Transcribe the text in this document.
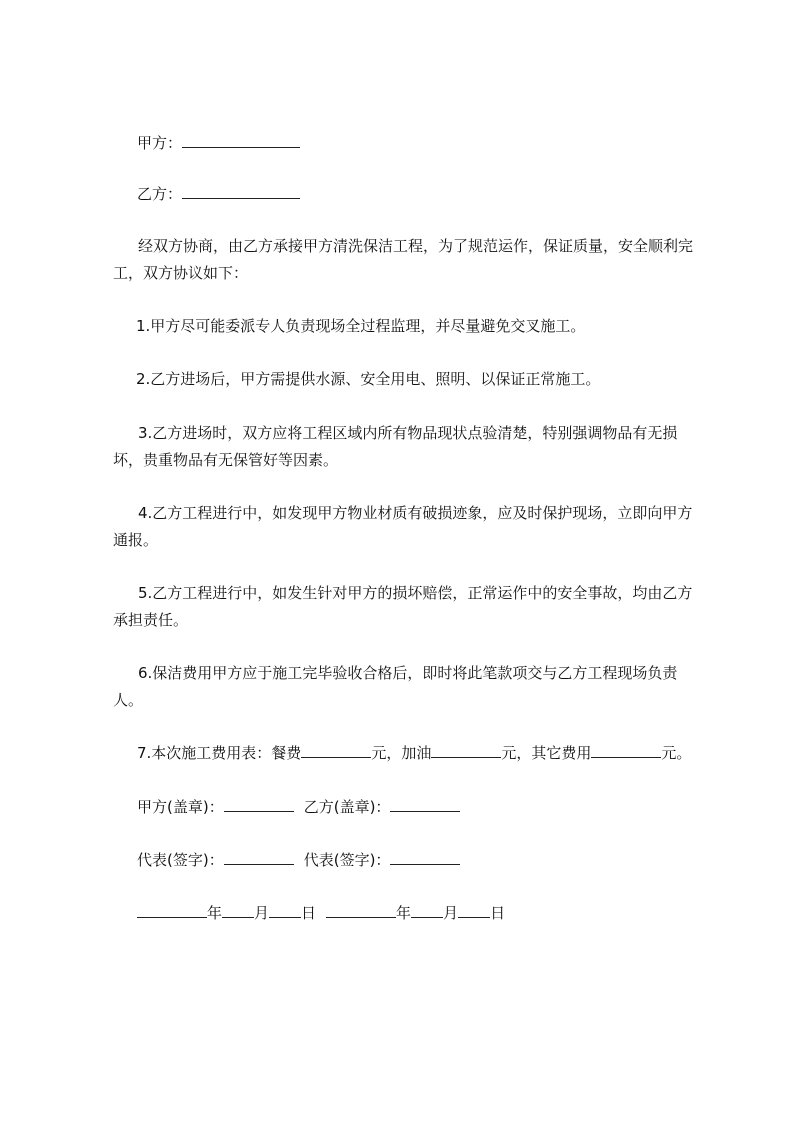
甲方：
乙方：
经双方协商，由乙方承接甲方清洗保洁工程，为了规范运作，保证质量，安全顺利完工，双方协议如下：
1.甲方尽可能委派专人负责现场全过程监理，并尽量避免交叉施工。
2.乙方进场后，甲方需提供水源、安全用电、照明、以保证正常施工。
3.乙方进场时，双方应将工程区域内所有物品现状点验清楚，特别强调物品有无损坏，贵重物品有无保管好等因素。
4.乙方工程进行中，如发现甲方物业材质有破损迹象，应及时保护现场，立即向甲方通报。
5.乙方工程进行中，如发生针对甲方的损坏赔偿，正常运作中的安全事故，均由乙方承担责任。
6.保洁费用甲方应于施工完毕验收合格后，即时将此笔款项交与乙方工程现场负责人。
7.本次施工费用表：餐费	元，加油	元，其它费用	元。
甲方(盖章)：	乙方(盖章)：
代表(签字)：	代表(签字)：
年 月 日	年 月 日
